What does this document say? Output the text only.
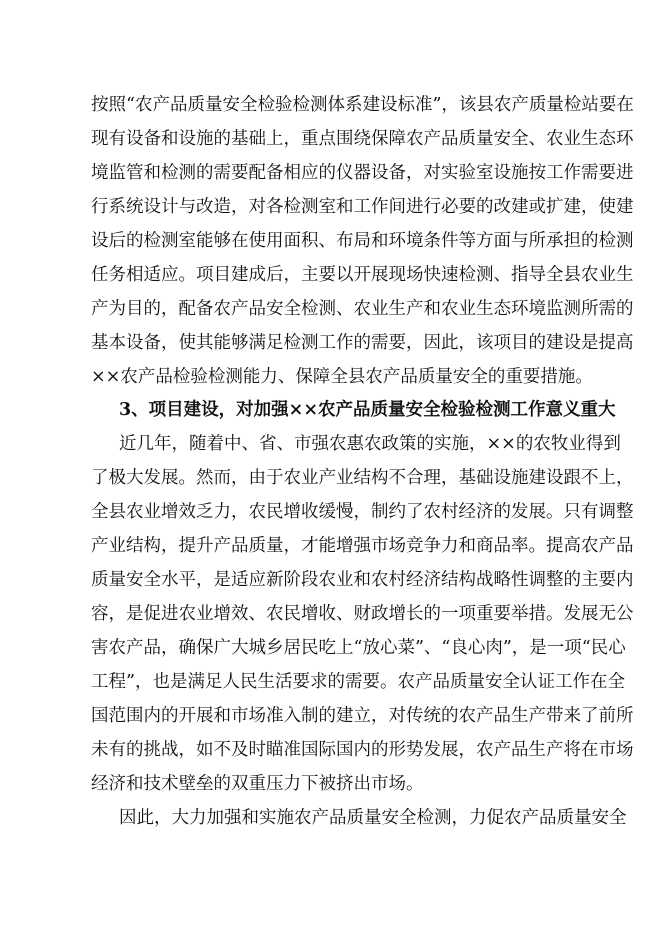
按照“农产品质量安全检验检测体系建设标准”，该县农产质量检站要在
现有设备和设施的基础上，重点围绕保障农产品质量安全、农业生态环
境监管和检测的需要配备相应的仪器设备，对实验室设施按工作需要进
行系统设计与改造，对各检测室和工作间进行必要的改建或扩建，使建
设后的检测室能够在使用面积、布局和环境条件等方面与所承担的检测
任务相适应。项目建成后，主要以开展现场快速检测、指导全县农业生
产为目的，配备农产品安全检测、农业生产和农业生态环境监测所需的
基本设备，使其能够满足检测工作的需要，因此，该项目的建设是提高
××农产品检验检测能力、保障全县农产品质量安全的重要措施。
3、项目建设，对加强××农产品质量安全检验检测工作意义重大
近几年，随着中、省、市强农惠农政策的实施，××的农牧业得到
了极大发展。然而，由于农业产业结构不合理，基础设施建设跟不上，
全县农业增效乏力，农民增收缓慢，制约了农村经济的发展。只有调整
产业结构，提升产品质量，才能增强市场竞争力和商品率。提高农产品
质量安全水平，是适应新阶段农业和农村经济结构战略性调整的主要内
容，是促进农业增效、农民增收、财政增长的一项重要举措。发展无公
害农产品，确保广大城乡居民吃上“放心菜”、“良心肉”，是一项“民心
工程”，也是满足人民生活要求的需要。农产品质量安全认证工作在全
国范围内的开展和市场准入制的建立，对传统的农产品生产带来了前所
未有的挑战，如不及时瞄准国际国内的形势发展，农产品生产将在市场
经济和技术壁垒的双重压力下被挤出市场。
因此，大力加强和实施农产品质量安全检测，力促农产品质量安全
